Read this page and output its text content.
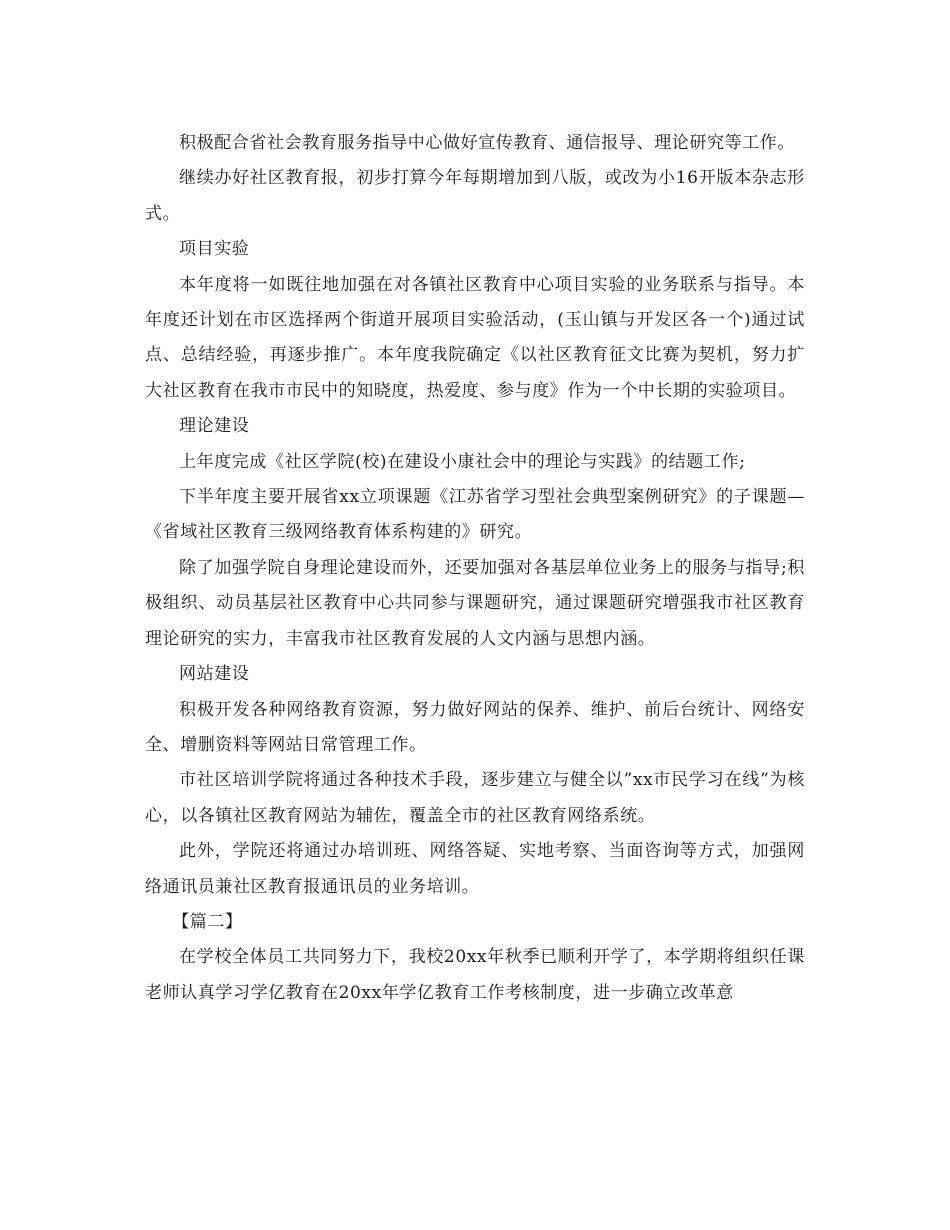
积极配合省社会教育服务指导中心做好宣传教育、通信报导、理论研究等工作。

继续办好社区教育报，初步打算今年每期增加到八版，或改为小16开版本杂志形式。

项目实验

本年度将一如既往地加强在对各镇社区教育中心项目实验的业务联系与指导。本年度还计划在市区选择两个街道开展项目实验活动，(玉山镇与开发区各一个)通过试点、总结经验，再逐步推广。本年度我院确定《以社区教育征文比赛为契机，努力扩大社区教育在我市市民中的知晓度，热爱度、参与度》作为一个中长期的实验项目。

理论建设

上年度完成《社区学院(校)在建设小康社会中的理论与实践》的结题工作;

下半年度主要开展省xx立项课题《江苏省学习型社会典型案例研究》的子课题—《省域社区教育三级网络教育体系构建的》研究。

除了加强学院自身理论建设而外，还要加强对各基层单位业务上的服务与指导;积极组织、动员基层社区教育中心共同参与课题研究，通过课题研究增强我市社区教育理论研究的实力，丰富我市社区教育发展的人文内涵与思想内涵。

网站建设

积极开发各种网络教育资源，努力做好网站的保养、维护、前后台统计、网络安全、增删资料等网站日常管理工作。

市社区培训学院将通过各种技术手段，逐步建立与健全以”xx市民学习在线”为核心，以各镇社区教育网站为辅佐，覆盖全市的社区教育网络系统。

此外，学院还将通过办培训班、网络答疑、实地考察、当面咨询等方式，加强网络通讯员兼社区教育报通讯员的业务培训。

【篇二】

在学校全体员工共同努力下，我校20xx年秋季已顺利开学了，本学期将组织任课老师认真学习学亿教育在20xx年学亿教育工作考核制度，进一步确立改革意
